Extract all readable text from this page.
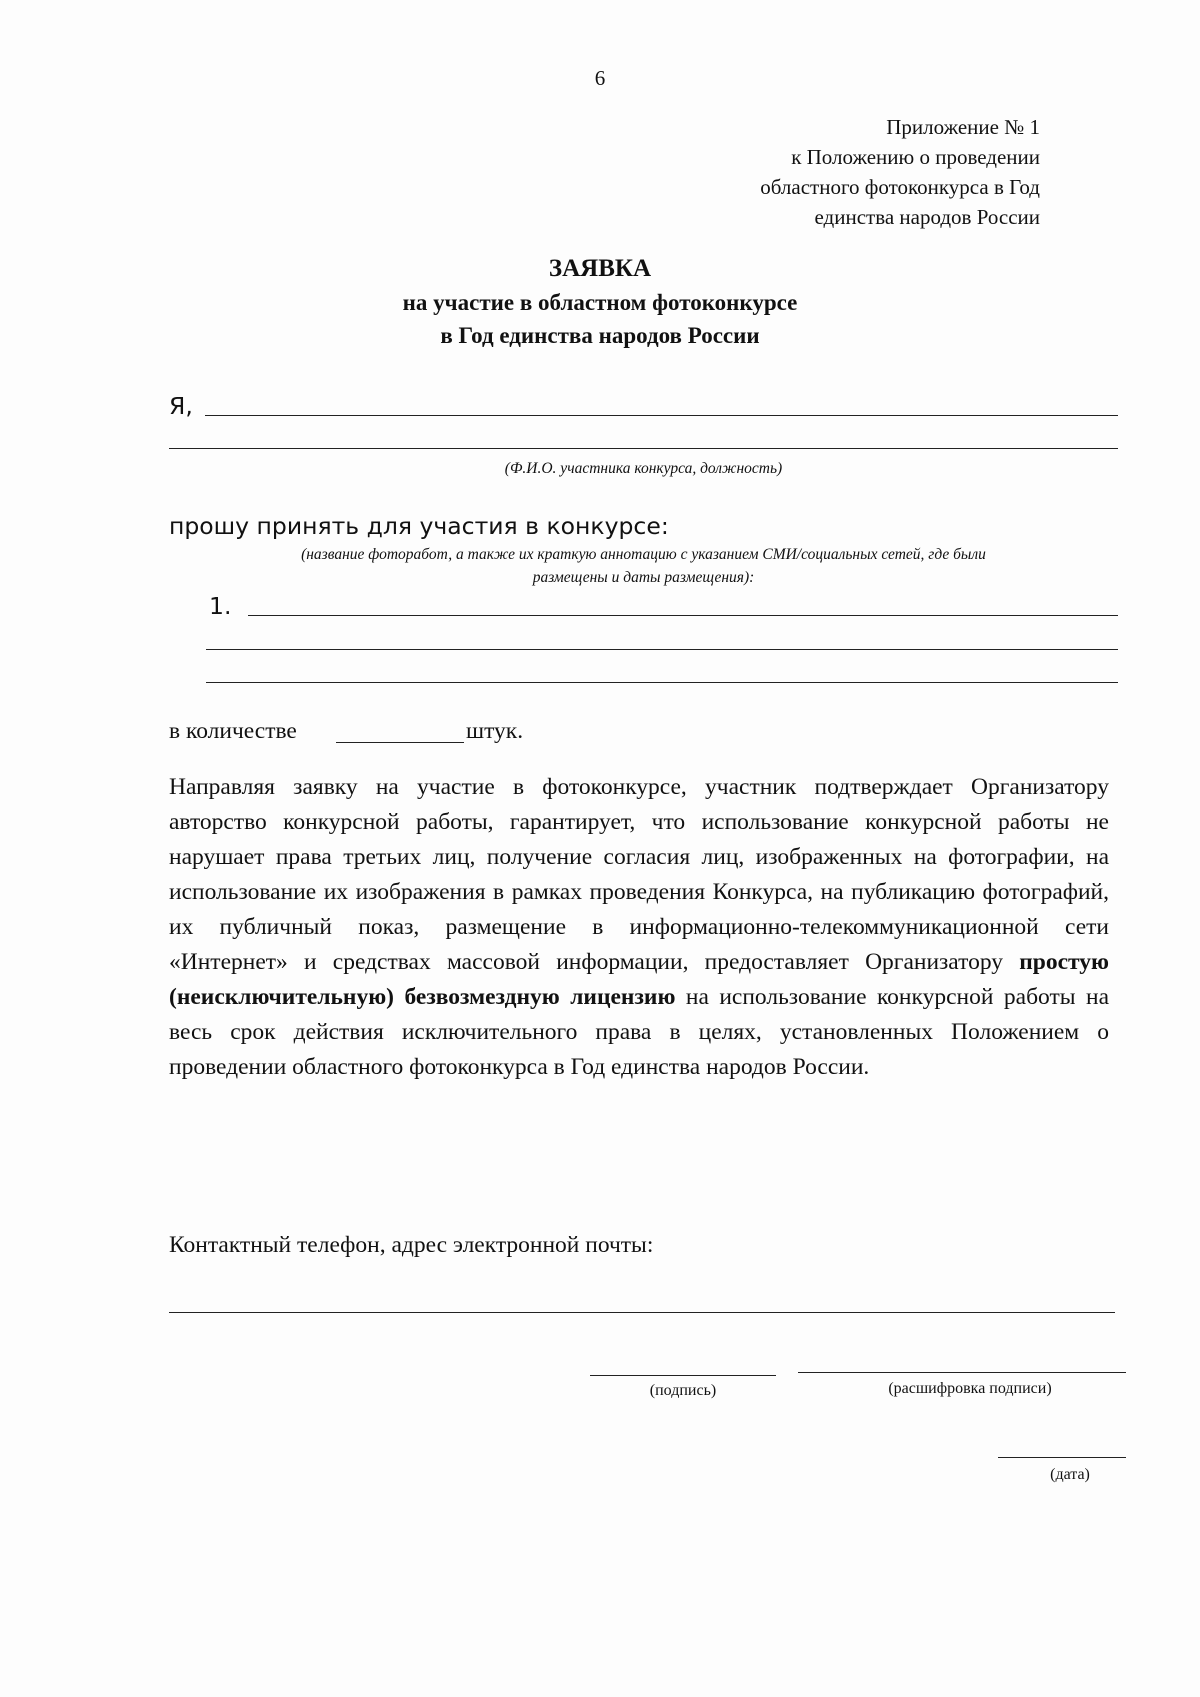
6
Приложение № 1
к Положению о проведении
областного фотоконкурса в Год
единства народов России
ЗАЯВКА
на участие в областном фотоконкурсе
в Год единства народов России
Я,
(Ф.И.О. участника конкурса, должность)
прошу принять для участия в конкурсе:
(название фоторабот, а также их краткую аннотацию с указанием СМИ/социальных сетей, где были
размещены и даты размещения):
1.
в количестве	штук.
Направляя заявку на участие в фотоконкурсе, участник подтверждает Организатору авторство конкурсной работы, гарантирует, что использование конкурсной работы не нарушает права третьих лиц, получение согласия лиц, изображенных на фотографии, на использование их изображения в рамках проведения Конкурса, на публикацию фотографий, их публичный показ, размещение в информационно-телекоммуникационной сети «Интернет» и средствах массовой информации, предоставляет Организатору простую (неисключительную) безвозмездную лицензию на использование конкурсной работы на весь срок действия исключительного права в целях, установленных Положением о проведении областного фотоконкурса в Год единства народов России.
Контактный телефон, адрес электронной почты:
(подпись)	(расшифровка подписи)
(дата)
